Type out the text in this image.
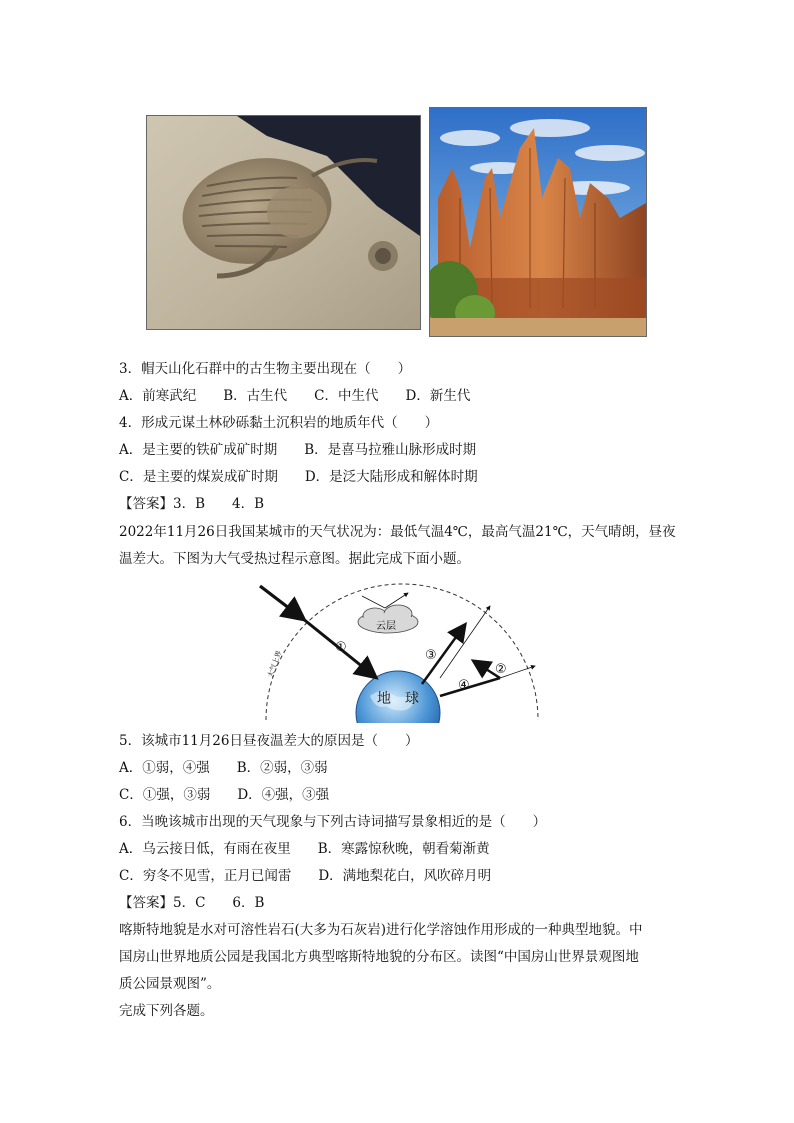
3．帽天山化石群中的古生物主要出现在（　　）
A．前寒武纪　　B．古生代　　C．中生代　　D．新生代
4．形成元谋土林砂砾黏土沉积岩的地质年代（　　）
A．是主要的铁矿成矿时期　　B．是喜马拉雅山脉形成时期
C．是主要的煤炭成矿时期　　D．是泛大陆形成和解体时期
【答案】3．B　　4．B
2022年11月26日我国某城市的天气状况为：最低气温4℃，最高气温21℃，天气晴朗，昼夜
温差大。下图为大气受热过程示意图。据此完成下面小题。
地　球
云层
①
②
③
④
大气上界
5．该城市11月26日昼夜温差大的原因是（　　）
A．①弱，④强　　B．②弱，③弱
C．①强，③弱　　D．④强，③强
6．当晚该城市出现的天气现象与下列古诗词描写景象相近的是（　　）
A．乌云接日低，有雨在夜里　　B．寒露惊秋晚，朝看菊渐黄
C．穷冬不见雪，正月已闻雷　　D．满地梨花白，风吹碎月明
【答案】5．C　　6．B
喀斯特地貌是水对可溶性岩石(大多为石灰岩)进行化学溶蚀作用形成的一种典型地貌。中
国房山世界地质公园是我国北方典型喀斯特地貌的分布区。读图“中国房山世界景观图地
质公园景观图”。
完成下列各题。
